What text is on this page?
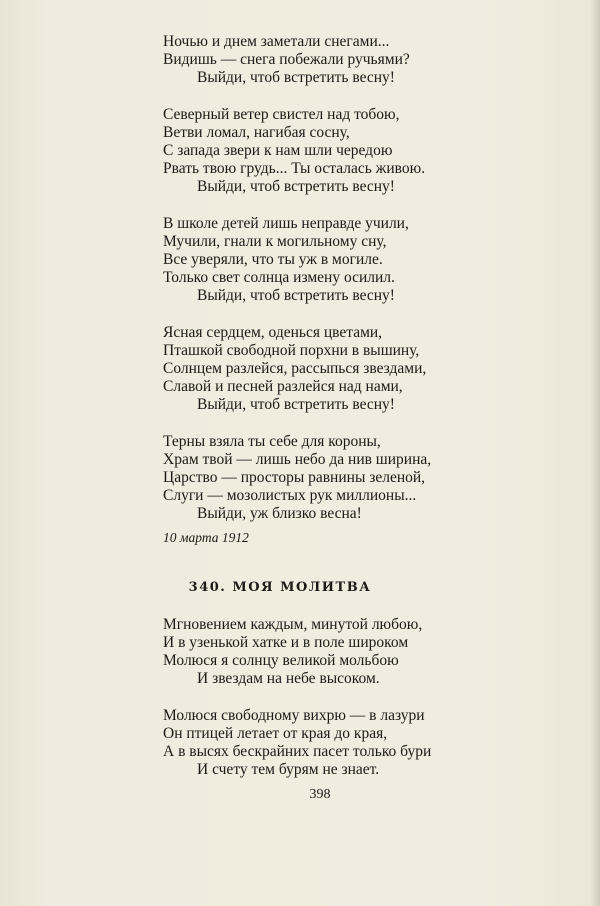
Ночью и днем заметали снегами...
Видишь — снега побежали ручьями?
Выйди, чтоб встретить весну!
Северный ветер свистел над тобою,
Ветви ломал, нагибая сосну,
С запада звери к нам шли чередою
Рвать твою грудь... Ты осталась живою.
Выйди, чтоб встретить весну!
В школе детей лишь неправде учили,
Мучили, гнали к могильному сну,
Все уверяли, что ты уж в могиле.
Только свет солнца измену осилил.
Выйди, чтоб встретить весну!
Ясная сердцем, оденься цветами,
Пташкой свободной порхни в вышину,
Солнцем разлейся, рассыпься звездами,
Славой и песней разлейся над нами,
Выйди, чтоб встретить весну!
Терны взяла ты себе для короны,
Храм твой — лишь небо да нив ширина,
Царство — просторы равнины зеленой,
Слуги — мозолистых рук миллионы...
Выйди, уж близко весна!
10 марта 1912
340. МОЯ МОЛИТВА
Мгновением каждым, минутой любою,
И в узенькой хатке и в поле широком
Молюся я солнцу великой мольбою
И звездам на небе высоком.
Молюся свободному вихрю — в лазури
Он птицей летает от края до края,
А в высях бескрайних пасет только бури
И счету тем бурям не знает.
398
